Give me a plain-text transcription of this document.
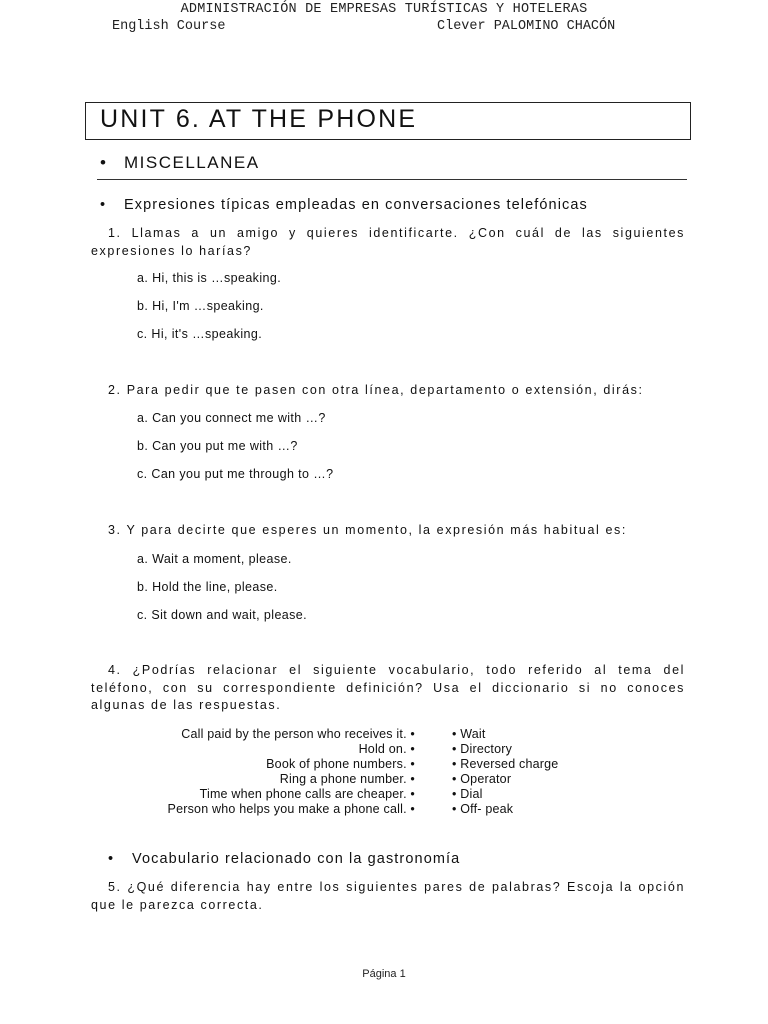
ADMINISTRACIÓN DE EMPRESAS TURÍSTICAS Y HOTELERAS
English Course	Clever PALOMINO CHACÓN
UNIT 6. AT THE PHONE
• MISCELLANEA
• Expresiones típicas empleadas en conversaciones telefónicas

1. Llamas a un amigo y quieres identificarte. ¿Con cuál de las siguientes expresiones lo harías?

a. Hi, this is …speaking.
b. Hi, I'm …speaking.
c. Hi, it's …speaking.

2. Para pedir que te pasen con otra línea, departamento o extensión, dirás:

a. Can you connect me with …?
b. Can you put me with …?
c. Can you put me through to …?

3. Y para decirte que esperes un momento, la expresión más habitual es:

a. Wait a moment, please.
b. Hold the line, please.
c. Sit down and wait, please.

4. ¿Podrías relacionar el siguiente vocabulario, todo referido al tema del teléfono, con su correspondiente definición? Usa el diccionario si no conoces algunas de las respuestas.

Call paid by the person who receives it. •
Hold on. •
Book of phone numbers. •
Ring a phone number. •
Time when phone calls are cheaper. •
Person who helps you make a phone call. •
• Wait
• Directory
• Reversed charge
• Operator
• Dial
• Off- peak
• Vocabulario relacionado con la gastronomía

5. ¿Qué diferencia hay entre los siguientes pares de palabras? Escoja la opción que le parezca correcta.

Página 1
